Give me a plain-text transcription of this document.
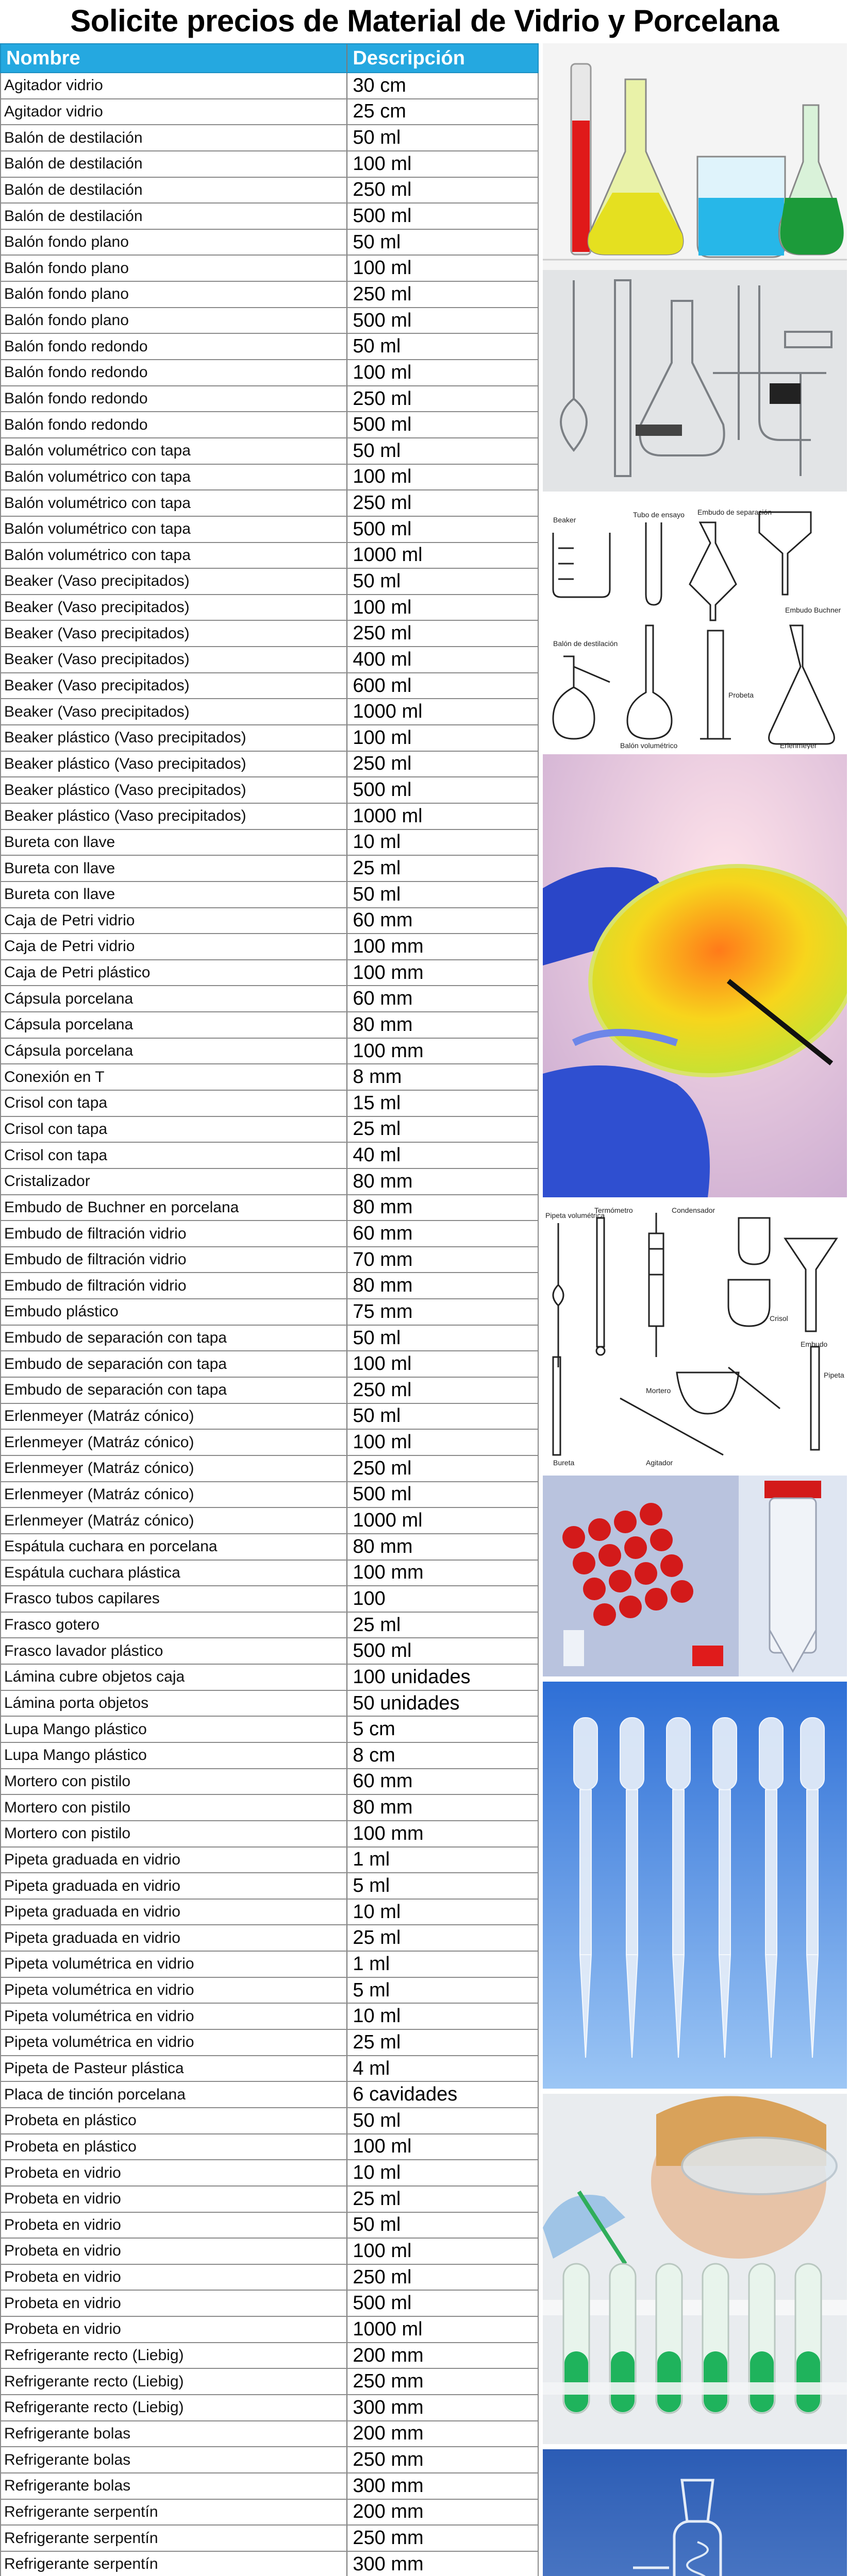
Solicite precios de Material de Vidrio y Porcelana
Nombre	Descripción
Agitador vidrio	30 cm
Agitador vidrio	25 cm
Balón de destilación	50 ml
Balón de destilación	100 ml
Balón de destilación	250 ml
Balón de destilación	500 ml
Balón fondo plano	50 ml
Balón fondo plano	100 ml
Balón fondo plano	250 ml
Balón fondo plano	500 ml
Balón fondo redondo	50 ml
Balón fondo redondo	100 ml
Balón fondo redondo	250 ml
Balón fondo redondo	500 ml
Balón volumétrico con tapa	50 ml
Balón volumétrico con tapa	100 ml
Balón volumétrico con tapa	250 ml
Balón volumétrico con tapa	500 ml
Balón volumétrico con tapa	1000 ml
Beaker (Vaso precipitados)	50 ml
Beaker (Vaso precipitados)	100 ml
Beaker (Vaso precipitados)	250 ml
Beaker (Vaso precipitados)	400 ml
Beaker (Vaso precipitados)	600 ml
Beaker (Vaso precipitados)	1000 ml
Beaker plástico (Vaso precipitados)	100 ml
Beaker plástico (Vaso precipitados)	250 ml
Beaker plástico (Vaso precipitados)	500 ml
Beaker plástico (Vaso precipitados)	1000 ml
Bureta con llave	10 ml
Bureta con llave	25 ml
Bureta con llave	50 ml
Caja de Petri vidrio	60 mm
Caja de Petri vidrio	100 mm
Caja de Petri plástico	100 mm
Cápsula porcelana	60 mm
Cápsula porcelana	80 mm
Cápsula porcelana	100 mm
Conexión en T	8 mm
Crisol con tapa	15 ml
Crisol con tapa	25 ml
Crisol con tapa	40 ml
Cristalizador	80 mm
Embudo de Buchner en porcelana	80 mm
Embudo de filtración vidrio	60 mm
Embudo de filtración vidrio	70 mm
Embudo de filtración vidrio	80 mm
Embudo plástico	75 mm
Embudo de separación con tapa	50 ml
Embudo de separación con tapa	100 ml
Embudo de separación con tapa	250 ml
Erlenmeyer (Matráz cónico)	50 ml
Erlenmeyer (Matráz cónico)	100 ml
Erlenmeyer (Matráz cónico)	250 ml
Erlenmeyer (Matráz cónico)	500 ml
Erlenmeyer (Matráz cónico)	1000 ml
Espátula cuchara en porcelana	80 mm
Espátula cuchara plástica	100 mm
Frasco tubos capilares	100
Frasco gotero	25 ml
Frasco lavador plástico	500 ml
Lámina cubre objetos caja	100 unidades
Lámina porta objetos	50 unidades
Lupa Mango plástico	5 cm
Lupa Mango plástico	8 cm
Mortero con pistilo	60 mm
Mortero con pistilo	80 mm
Mortero con pistilo	100 mm
Pipeta graduada en vidrio	1 ml
Pipeta graduada en vidrio	5 ml
Pipeta graduada en vidrio	10 ml
Pipeta graduada en vidrio	25 ml
Pipeta volumétrica en vidrio	1 ml
Pipeta volumétrica en vidrio	5 ml
Pipeta volumétrica en vidrio	10 ml
Pipeta volumétrica en vidrio	25 ml
Pipeta de Pasteur plástica	4 ml
Placa de tinción porcelana	6 cavidades
Probeta en plástico	50 ml
Probeta en plástico	100 ml
Probeta en vidrio	10 ml
Probeta en vidrio	25 ml
Probeta en vidrio	50 ml
Probeta en vidrio	100 ml
Probeta en vidrio	250 ml
Probeta en vidrio	500 ml
Probeta en vidrio	1000 ml
Refrigerante recto (Liebig)	200 mm
Refrigerante recto (Liebig)	250 mm
Refrigerante recto (Liebig)	300 mm
Refrigerante bolas	200 mm
Refrigerante bolas	250 mm
Refrigerante bolas	300 mm
Refrigerante serpentín	200 mm
Refrigerante serpentín	250 mm
Refrigerante serpentín	300 mm
Beaker
Tubo de ensayo Embudo de separación
Embudo Buchner
Balón de destilación
Probeta
Balón volumétrico	Erlenmeyer
Pipeta volumétrica
Termómetro	Condensador
Crisol
Embudo
Mortero
Pipeta
Bureta	Agitador
